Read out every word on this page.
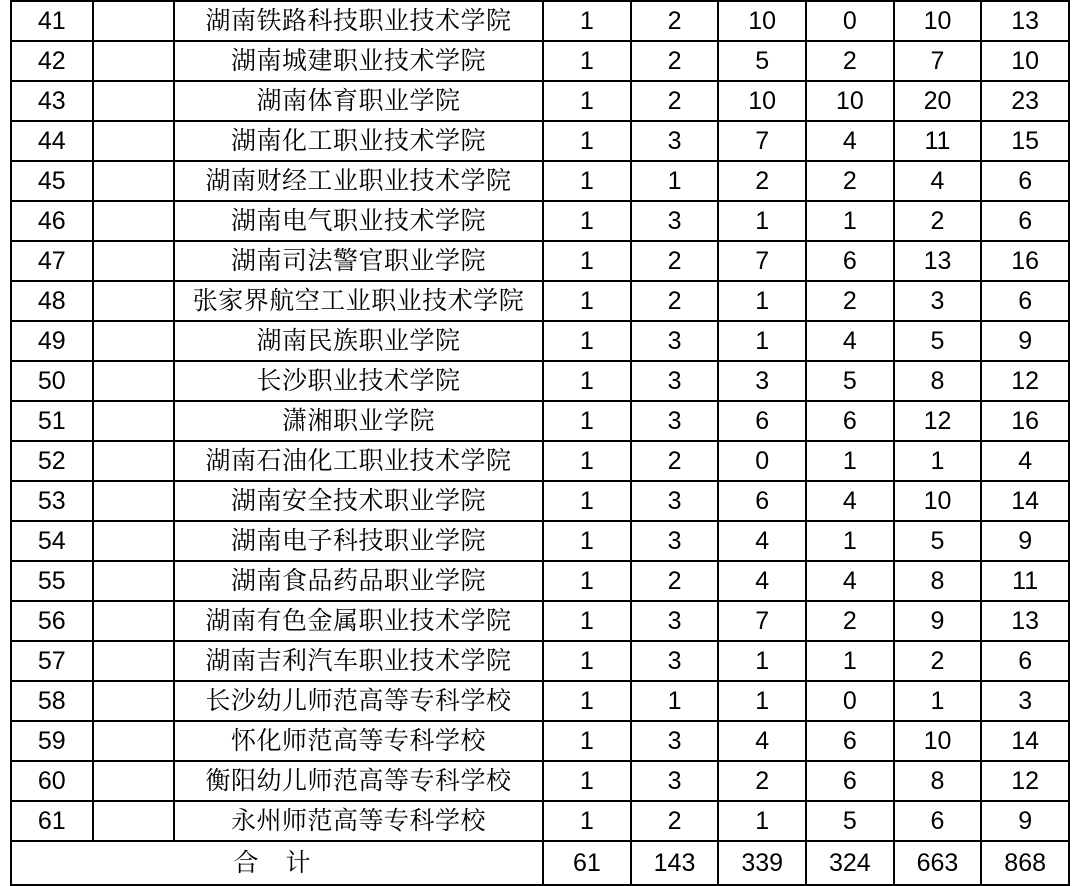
41		湖南铁路科技职业技术学院	1	2	10	0	10	13
42		湖南城建职业技术学院	1	2	5	2	7	10
43		湖南体育职业学院	1	2	10	10	20	23
44		湖南化工职业技术学院	1	3	7	4	11	15
45		湖南财经工业职业技术学院	1	1	2	2	4	6
46		湖南电气职业技术学院	1	3	1	1	2	6
47		湖南司法警官职业学院	1	2	7	6	13	16
48		张家界航空工业职业技术学院	1	2	1	2	3	6
49		湖南民族职业学院	1	3	1	4	5	9
50		长沙职业技术学院	1	3	3	5	8	12
51		潇湘职业学院	1	3	6	6	12	16
52		湖南石油化工职业技术学院	1	2	0	1	1	4
53		湖南安全技术职业学院	1	3	6	4	10	14
54		湖南电子科技职业学院	1	3	4	1	5	9
55		湖南食品药品职业学院	1	2	4	4	8	11
56		湖南有色金属职业技术学院	1	3	7	2	9	13
57		湖南吉利汽车职业技术学院	1	3	1	1	2	6
58		长沙幼儿师范高等专科学校	1	1	1	0	1	3
59		怀化师范高等专科学校	1	3	4	6	10	14
60		衡阳幼儿师范高等专科学校	1	3	2	6	8	12
61		永州师范高等专科学校	1	2	1	5	6	9
合 计			61	143	339	324	663	868
